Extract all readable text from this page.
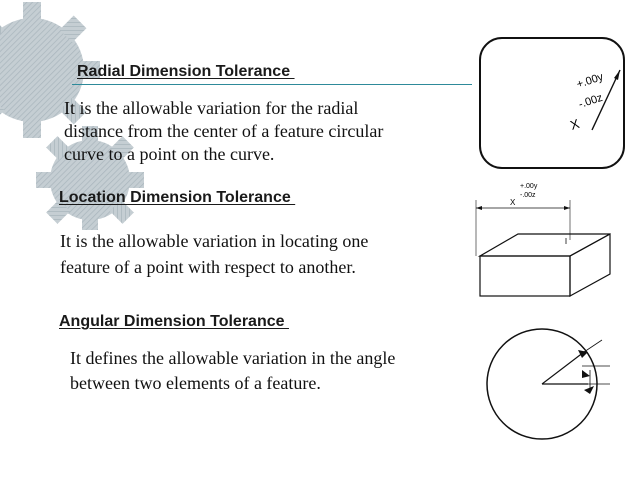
Radial Dimension Tolerance
It is the allowable variation for the radial
distance from the center of a feature circular
curve to a point on the curve.
Location Dimension Tolerance
It is the allowable variation in locating one
feature of a point with respect to another.
Angular Dimension Tolerance
It defines the allowable variation in the angle
between two elements of a feature.
+.00y
-.00z
X
+.00y
-.00z
X
